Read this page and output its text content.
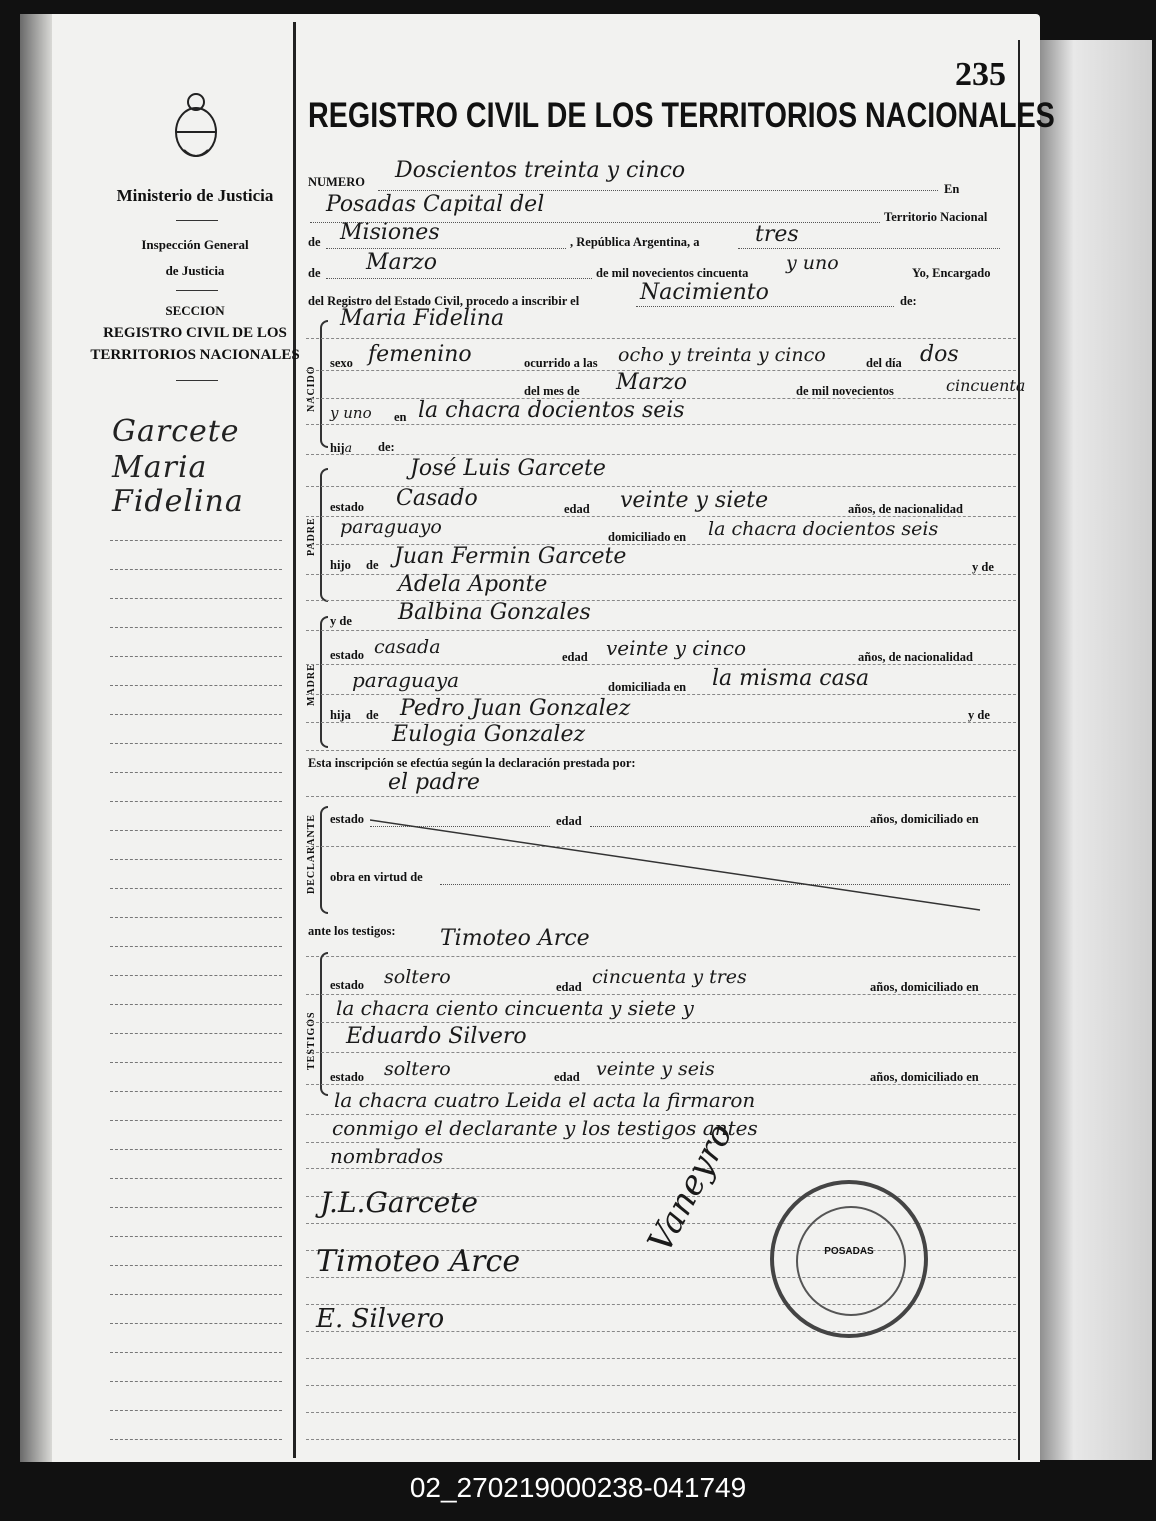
Ministerio de Justicia
Inspección General
de Justicia
SECCION
REGISTRO CIVIL DE LOS
TERRITORIOS NACIONALES
Garcete
Maria
Fidelina
235
REGISTRO CIVIL DE LOS TERRITORIOS NACIONALES
NUMERO Doscientos treinta y cinco
En
Posadas Capital del	Territorio Nacional
de Misiones	, República Argentina, a	tres
de Marzo	de mil novecientos cincuenta y uno	Yo, Encargado
del Registro del Estado Civil, procedo a inscribir el	Nacimiento	de:
NACIDO
Maria Fidelina
sexo femenino	ocurrido a las ocho y treinta y cinco	del día dos
del mes de Marzo	de mil novecientos	cincuenta
y uno en la chacra docientos seis
hija de:
PADRE
José Luis Garcete
estado Casado	edad veinte y siete	años, de nacionalidad
paraguayo	domiciliado en la chacra docientos seis
hijo de Juan Fermin Garcete	y de
Adela Aponte
MADRE
y de Balbina Gonzales
estado casada	edad veinte y cinco	años, de nacionalidad
paraguaya	domiciliada en la misma casa
hija de Pedro Juan Gonzalez	y de
Eulogia Gonzalez
Esta inscripción se efectúa según la declaración prestada por:
el padre
DECLARANTE estado	edad	años, domiciliado en
obra en virtud de
ante los testigos: Timoteo Arce
TESTIGOS
estado soltero	edad cincuenta y tres	años, domiciliado en
la chacra ciento cincuenta y siete y
Eduardo Silvero
estado soltero	edad veinte y seis	años, domiciliado en
la chacra cuatro Leida el acta la firmaron
conmigo el declarante y los testigos antes
nombrados
J.L.Garcete
Timoteo Arce
E. Silvero
Vaneyro	POSADAS
02_270219000238-041749
